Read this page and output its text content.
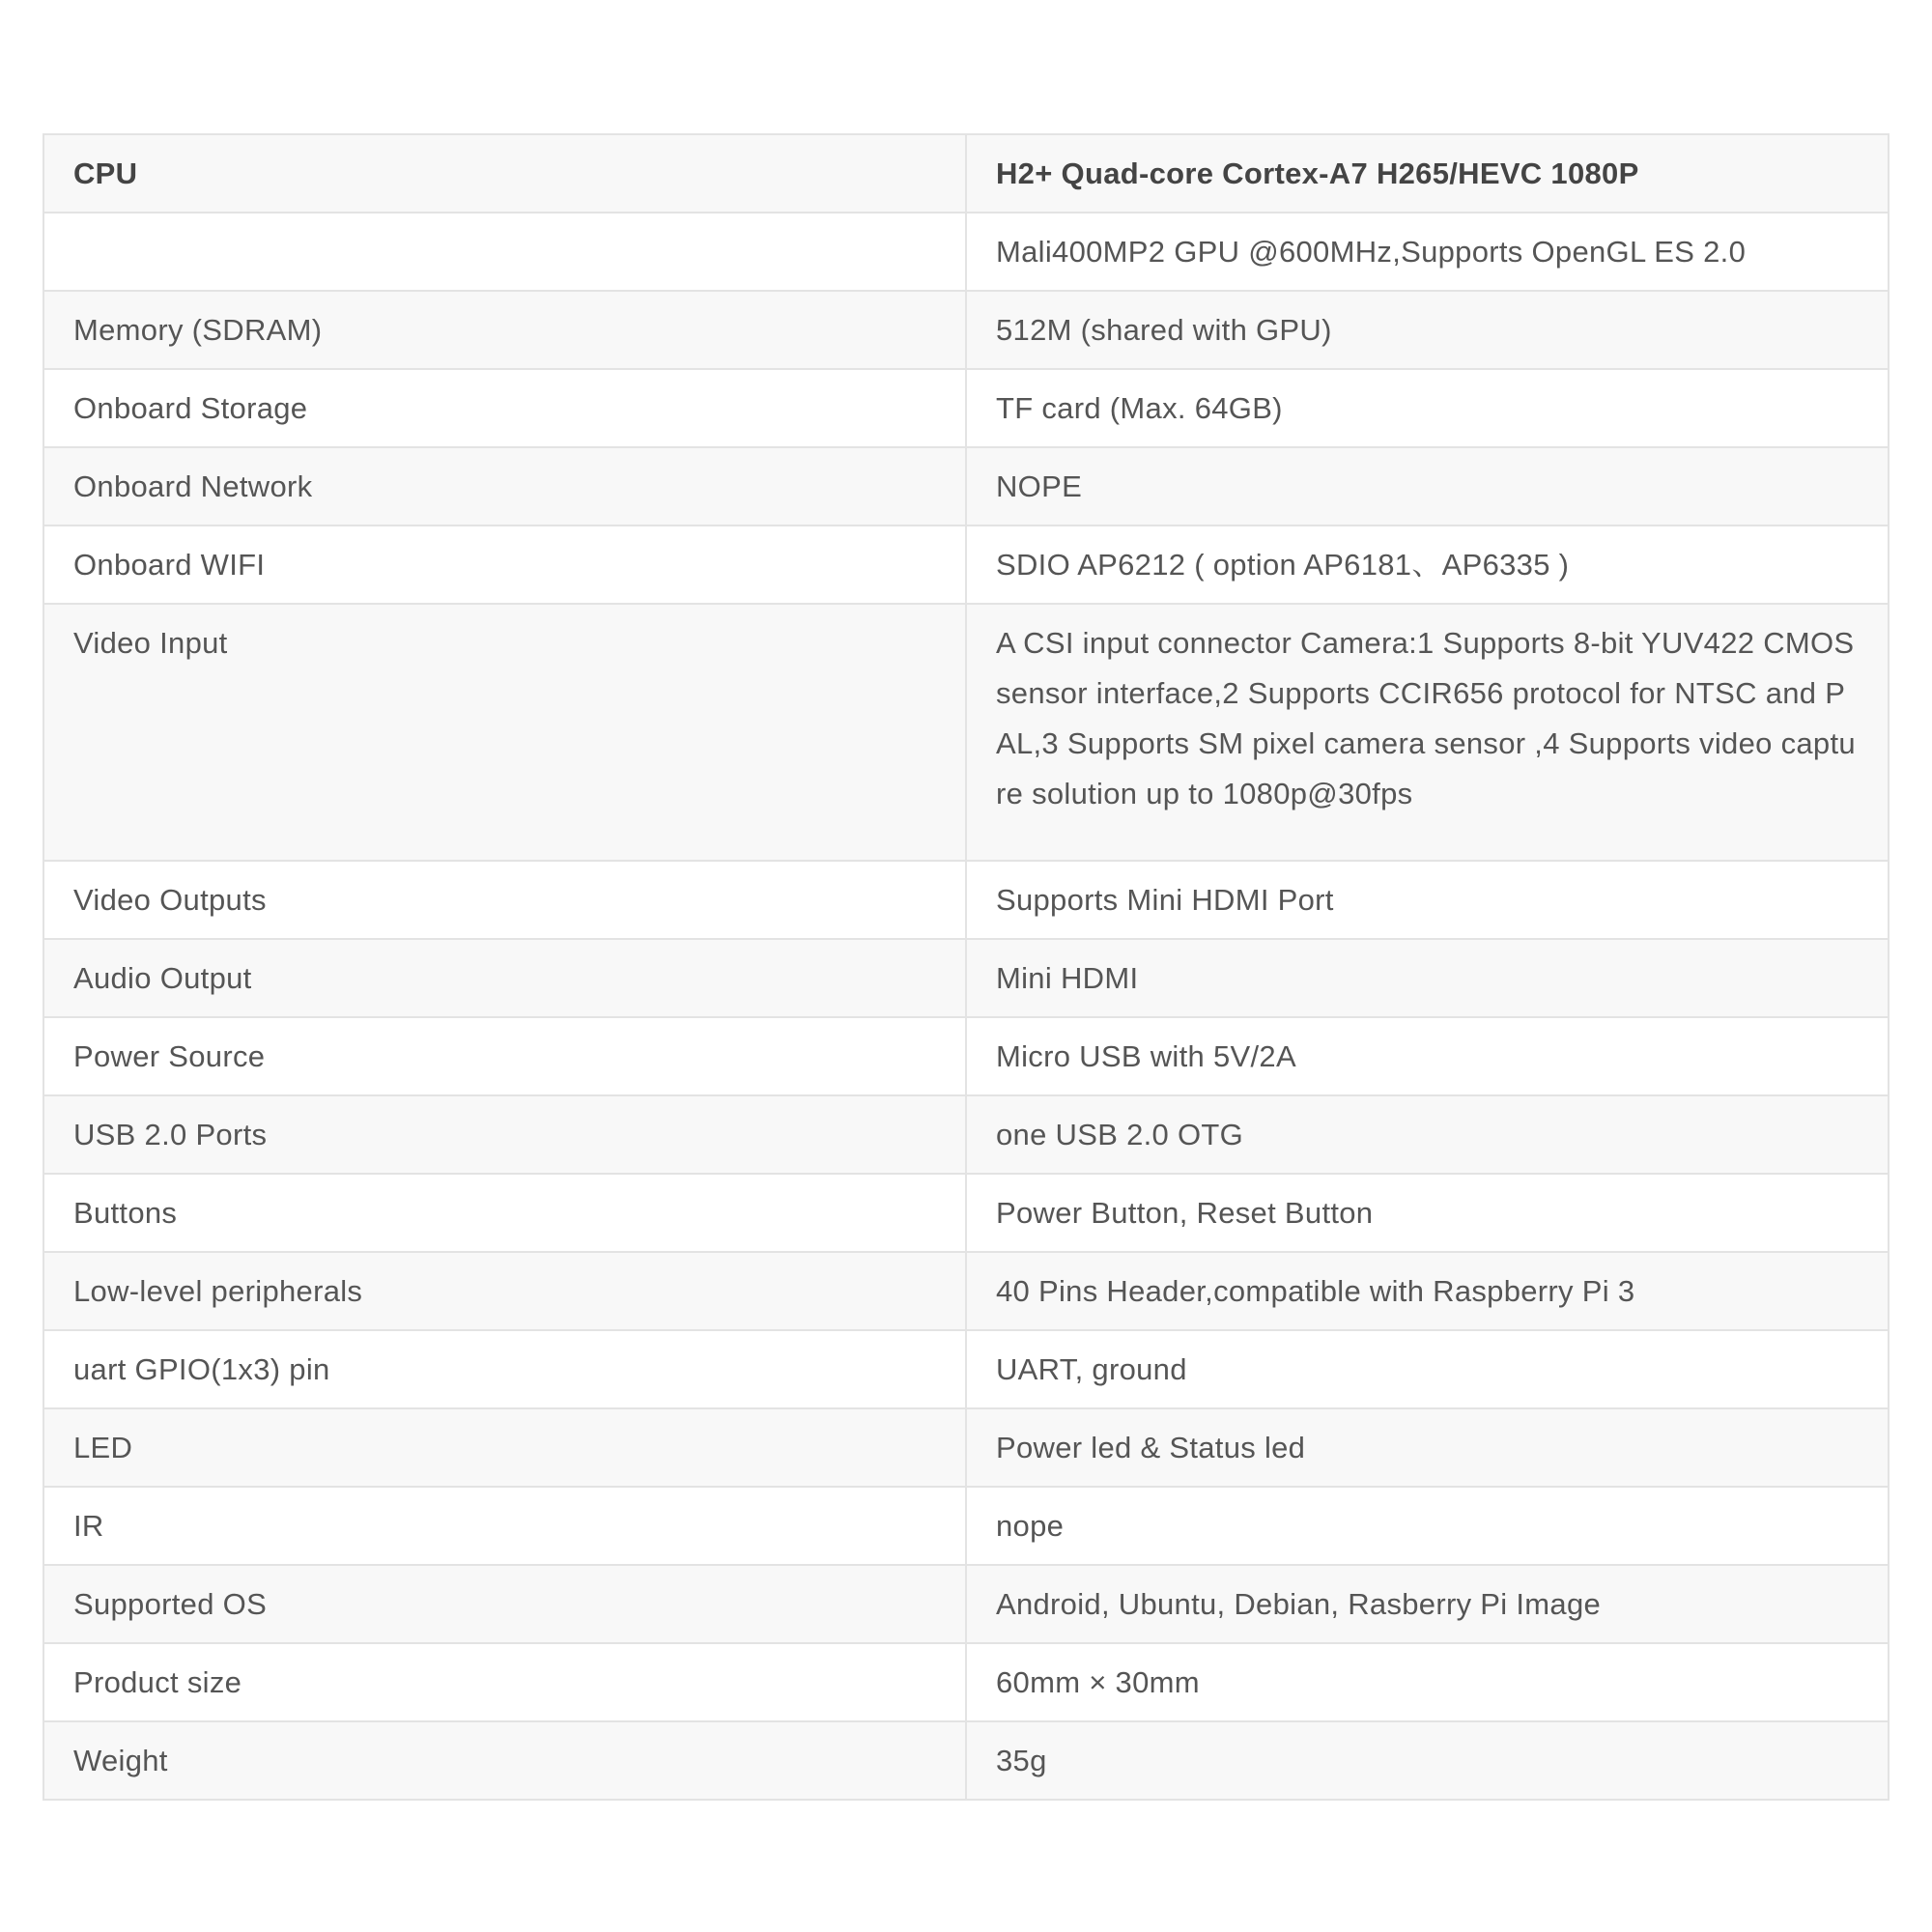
CPU	H2+ Quad-core Cortex-A7 H265/HEVC 1080P
	Mali400MP2 GPU @600MHz,Supports OpenGL ES 2.0
Memory (SDRAM)	512M (shared with GPU)
Onboard Storage	TF card (Max. 64GB)
Onboard Network	NOPE
Onboard WIFI	SDIO AP6212 ( option AP6181、AP6335 )
Video Input	A CSI input connector Camera:1 Supports 8-bit YUV422 CMOS sensor interface,2 Supports CCIR656 protocol for NTSC and PAL,3 Supports SM pixel camera sensor ,4 Supports video capture solution up to 1080p@30fps
Video Outputs	Supports Mini HDMI Port
Audio Output	Mini HDMI
Power Source	Micro USB with 5V/2A
USB 2.0 Ports	one USB 2.0 OTG
Buttons	Power Button, Reset Button
Low-level peripherals	40 Pins Header,compatible with Raspberry Pi 3
uart GPIO(1x3) pin	UART, ground
LED	Power led & Status led
IR	nope
Supported OS	Android, Ubuntu, Debian, Rasberry Pi Image
Product size	60mm × 30mm
Weight	35g
